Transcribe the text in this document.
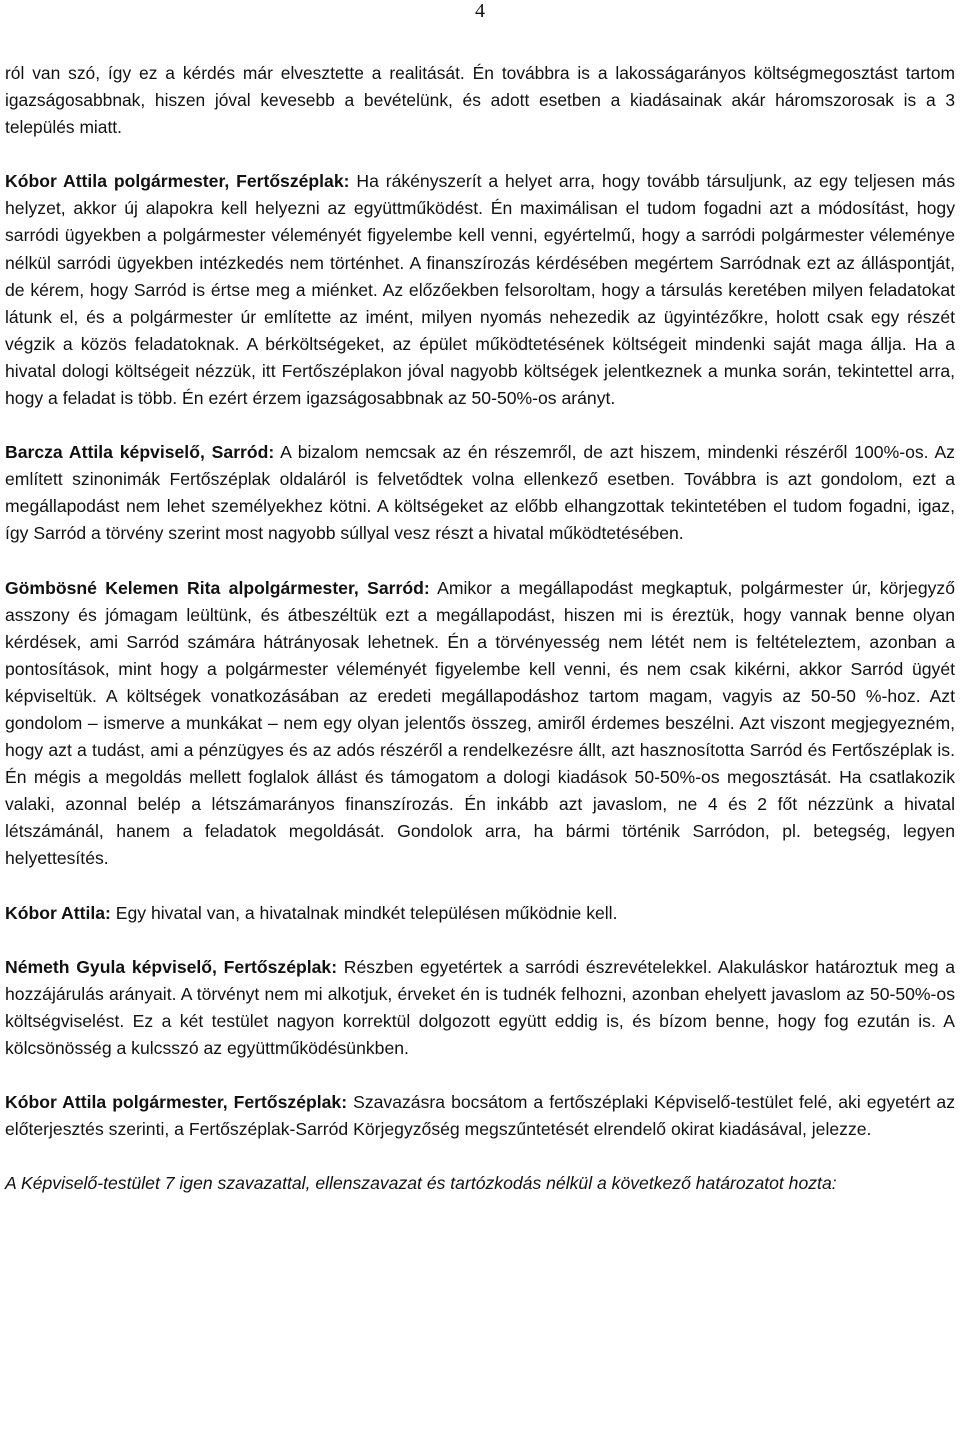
4

ról van szó, így ez a kérdés már elvesztette a realitását. Én továbbra is a lakosságarányos költségmegosztást tartom igazságosabbnak, hiszen jóval kevesebb a bevételünk, és adott esetben a kiadásainak akár háromszorosak is a 3 település miatt.

Kóbor Attila polgármester, Fertőszéplak: Ha rákényszerít a helyet arra, hogy tovább társuljunk, az egy teljesen más helyzet, akkor új alapokra kell helyezni az együttműködést. Én maximálisan el tudom fogadni azt a módosítást, hogy sarródi ügyekben a polgármester véleményét figyelembe kell venni, egyértelmű, hogy a sarródi polgármester véleménye nélkül sarródi ügyekben intézkedés nem történhet. A finanszírozás kérdésében megértem Sarródnak ezt az álláspontját, de kérem, hogy Sarród is értse meg a miénket. Az előzőekben felsoroltam, hogy a társulás keretében milyen feladatokat látunk el, és a polgármester úr említette az imént, milyen nyomás nehezedik az ügyintézőkre, holott csak egy részét végzik a közös feladatoknak. A bérköltségeket, az épület működtetésének költségeit mindenki saját maga állja. Ha a hivatal dologi költségeit nézzük, itt Fertőszéplakon jóval nagyobb költségek jelentkeznek a munka során, tekintettel arra, hogy a feladat is több. Én ezért érzem igazságosabbnak az 50-50%-os arányt.

Barcza Attila képviselő, Sarród: A bizalom nemcsak az én részemről, de azt hiszem, mindenki részéről 100%-os. Az említett szinonimák Fertőszéplak oldaláról is felvetődtek volna ellenkező esetben. Továbbra is azt gondolom, ezt a megállapodást nem lehet személyekhez kötni. A költségeket az előbb elhangzottak tekintetében el tudom fogadni, igaz, így Sarród a törvény szerint most nagyobb súllyal vesz részt a hivatal működtetésében.

Gömbösné Kelemen Rita alpolgármester, Sarród: Amikor a megállapodást megkaptuk, polgármester úr, körjegyző asszony és jómagam leültünk, és átbeszéltük ezt a megállapodást, hiszen mi is éreztük, hogy vannak benne olyan kérdések, ami Sarród számára hátrányosak lehetnek. Én a törvényesség nem létét nem is feltételeztem, azonban a pontosítások, mint hogy a polgármester véleményét figyelembe kell venni, és nem csak kikérni, akkor Sarród ügyét képviseltük. A költségek vonatkozásában az eredeti megállapodáshoz tartom magam, vagyis az 50-50 %-hoz. Azt gondolom – ismerve a munkákat – nem egy olyan jelentős összeg, amiről érdemes beszélni. Azt viszont megjegyezném, hogy azt a tudást, ami a pénzügyes és az adós részéről a rendelkezésre állt, azt hasznosította Sarród és Fertőszéplak is. Én mégis a megoldás mellett foglalok állást és támogatom a dologi kiadások 50-50%-os megosztását. Ha csatlakozik valaki, azonnal belép a létszámarányos finanszírozás. Én inkább azt javaslom, ne 4 és 2 főt nézzünk a hivatal létszámánál, hanem a feladatok megoldását. Gondolok arra, ha bármi történik Sarródon, pl. betegség, legyen helyettesítés.

Kóbor Attila: Egy hivatal van, a hivatalnak mindkét településen működnie kell.

Németh Gyula képviselő, Fertőszéplak: Részben egyetértek a sarródi észrevételekkel. Alakuláskor határoztuk meg a hozzájárulás arányait. A törvényt nem mi alkotjuk, érveket én is tudnék felhozni, azonban ehelyett javaslom az 50-50%-os költségviselést. Ez a két testület nagyon korrektül dolgozott együtt eddig is, és bízom benne, hogy fog ezután is. A kölcsönösség a kulcsszó az együttműködésünkben.

Kóbor Attila polgármester, Fertőszéplak: Szavazásra bocsátom a fertőszéplaki Képviselő-testület felé, aki egyetért az előterjesztés szerinti, a Fertőszéplak-Sarród Körjegyzőség megszűntetését elrendelő okirat kiadásával, jelezze.

A Képviselő-testület 7 igen szavazattal, ellenszavazat és tartózkodás nélkül a következő határozatot hozta:
